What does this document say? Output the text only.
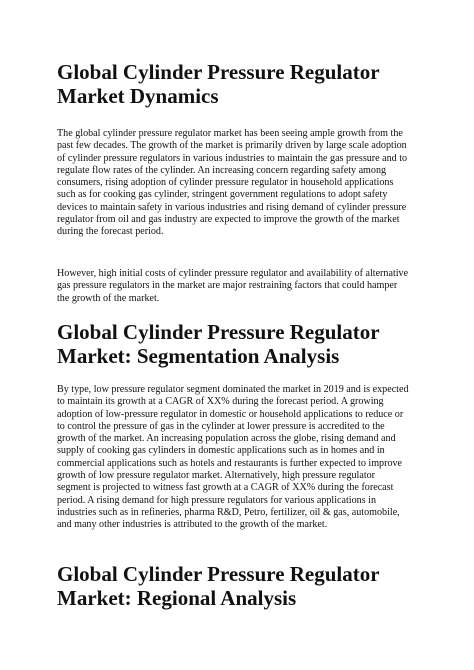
Global Cylinder Pressure Regulator Market Dynamics

The global cylinder pressure regulator market has been seeing ample growth from the past few decades. The growth of the market is primarily driven by large scale adoption of cylinder pressure regulators in various industries to maintain the gas pressure and to regulate flow rates of the cylinder. An increasing concern regarding safety among consumers, rising adoption of cylinder pressure regulator in household applications such as for cooking gas cylinder, stringent government regulations to adopt safety devices to maintain safety in various industries and rising demand of cylinder pressure regulator from oil and gas industry are expected to improve the growth of the market during the forecast period.

However, high initial costs of cylinder pressure regulator and availability of alternative gas pressure regulators in the market are major restraining factors that could hamper the growth of the market.

Global Cylinder Pressure Regulator Market: Segmentation Analysis

By type, low pressure regulator segment dominated the market in 2019 and is expected to maintain its growth at a CAGR of XX% during the forecast period. A growing adoption of low-pressure regulator in domestic or household applications to reduce or to control the pressure of gas in the cylinder at lower pressure is accredited to the growth of the market. An increasing population across the globe, rising demand and supply of cooking gas cylinders in domestic applications such as in homes and in commercial applications such as hotels and restaurants is further expected to improve growth of low pressure regulator market. Alternatively, high pressure regulator segment is projected to witness fast growth at a CAGR of XX% during the forecast period. A rising demand for high pressure regulators for various applications in industries such as in refineries, pharma R&D, Petro, fertilizer, oil & gas, automobile, and many other industries is attributed to the growth of the market.

Global Cylinder Pressure Regulator Market: Regional Analysis
